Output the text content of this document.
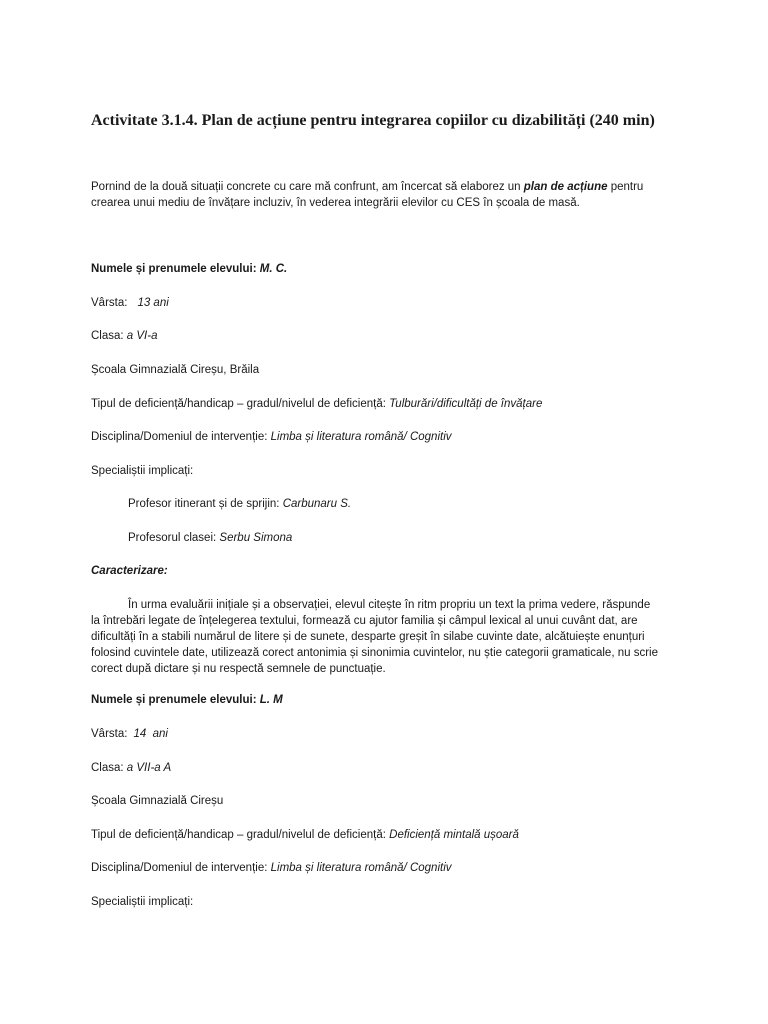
Activitate 3.1.4. Plan de acțiune pentru integrarea copiilor cu dizabilități (240 min)
Pornind de la două situații concrete cu care mă confrunt, am încercat să elaborez un plan de acțiune pentru crearea unui mediu de învățare incluziv, în vederea integrării elevilor cu CES în școala de masă.
Numele și prenumele elevului: M. C.
Vârsta: 13 ani
Clasa: a VI-a
Școala Gimnazială Cireșu, Brăila
Tipul de deficiență/handicap – gradul/nivelul de deficiență: Tulburări/dificultăți de învățare
Disciplina/Domeniul de intervenție: Limba și literatura română/ Cognitiv
Specialiștii implicați:
Profesor itinerant și de sprijin: Carbunaru S.
Profesorul clasei: Serbu Simona
Caracterizare:
În urma evaluării inițiale și a observației, elevul citește în ritm propriu un text la prima vedere, răspunde la întrebări legate de înțelegerea textului, formează cu ajutor familia și câmpul lexical al unui cuvânt dat, are dificultăți în a stabili numărul de litere și de sunete, desparte greșit în silabe cuvinte date, alcătuiește enunțuri folosind cuvintele date, utilizează corect antonimia și sinonimia cuvintelor, nu știe categorii gramaticale, nu scrie corect după dictare și nu respectă semnele de punctuație.
Numele și prenumele elevului: L. M
Vârsta: 14  ani
Clasa: a VII-a A
Școala Gimnazială Cireșu
Tipul de deficiență/handicap – gradul/nivelul de deficiență: Deficiență mintală ușoară
Disciplina/Domeniul de intervenție: Limba și literatura română/ Cognitiv
Specialiștii implicați:
